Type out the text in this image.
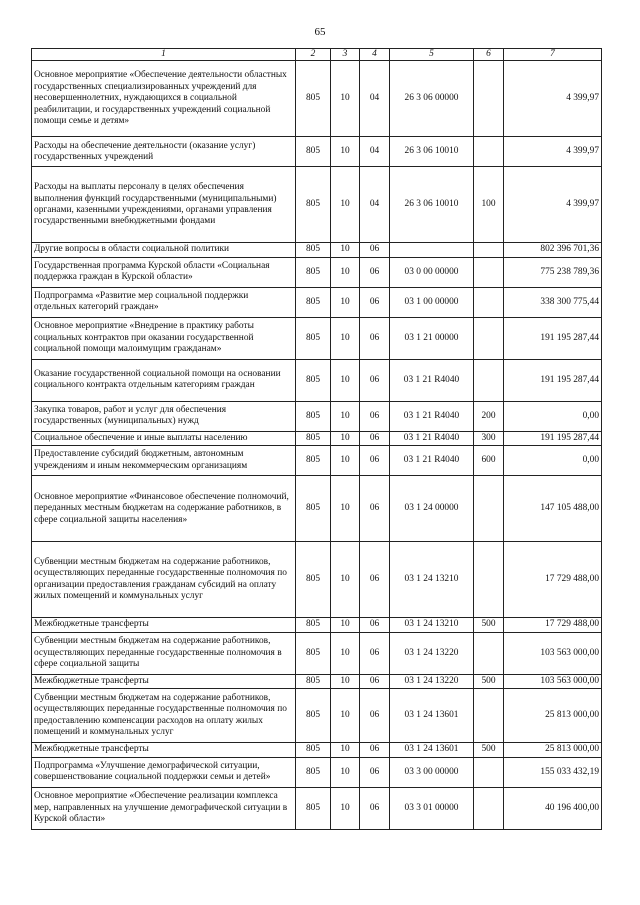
65
1	2	3	4	5	6	7
Основное мероприятие «Обеспечение деятельности областных государственных специализированных учреждений для несовершеннолетних, нуждающихся в социальной реабилитации, и государственных учреждений социальной помощи семье и детям»	805	10	04	26 3 06 00000		4 399,97
Расходы на обеспечение деятельности (оказание услуг) государственных учреждений	805	10	04	26 3 06 10010		4 399,97
Расходы на выплаты персоналу в целях обеспечения выполнения функций государственными (муниципальными) органами, казенными учреждениями, органами управления государственными внебюджетными фондами	805	10	04	26 3 06 10010	100	4 399,97
Другие вопросы в области социальной политики	805	10	06			802 396 701,36
Государственная программа Курской области «Социальная поддержка граждан в Курской области»	805	10	06	03 0 00 00000		775 238 789,36
Подпрограмма «Развитие мер социальной поддержки отдельных категорий граждан»	805	10	06	03 1 00 00000		338 300 775,44
Основное мероприятие «Внедрение в практику работы социальных контрактов при оказании государственной социальной помощи малоимущим гражданам»	805	10	06	03 1 21 00000		191 195 287,44
Оказание государственной социальной помощи на основании социального контракта отдельным категориям граждан	805	10	06	03 1 21 R4040		191 195 287,44
Закупка товаров, работ и услуг для обеспечения государственных (муниципальных) нужд	805	10	06	03 1 21 R4040	200	0,00
Социальное обеспечение и иные выплаты населению	805	10	06	03 1 21 R4040	300	191 195 287,44
Предоставление субсидий бюджетным, автономным учреждениям и иным некоммерческим организациям	805	10	06	03 1 21 R4040	600	0,00
Основное мероприятие «Финансовое обеспечение полномочий, переданных местным бюджетам на содержание работников, в сфере социальной защиты населения»	805	10	06	03 1 24 00000		147 105 488,00
Субвенции местным бюджетам на содержание работников, осуществляющих переданные государственные полномочия по организации предоставления гражданам субсидий на оплату жилых помещений и коммунальных услуг	805	10	06	03 1 24 13210		17 729 488,00
Межбюджетные трансферты	805	10	06	03 1 24 13210	500	17 729 488,00
Субвенции местным бюджетам на содержание работников, осуществляющих переданные государственные полномочия в сфере социальной защиты	805	10	06	03 1 24 13220		103 563 000,00
Межбюджетные трансферты	805	10	06	03 1 24 13220	500	103 563 000,00
Субвенции местным бюджетам на содержание работников, осуществляющих переданные государственные полномочия по предоставлению компенсации расходов на оплату жилых помещений и коммунальных услуг	805	10	06	03 1 24 13601		25 813 000,00
Межбюджетные трансферты	805	10	06	03 1 24 13601	500	25 813 000,00
Подпрограмма «Улучшение демографической ситуации, совершенствование социальной поддержки семьи и детей»	805	10	06	03 3 00 00000		155 033 432,19
Основное мероприятие «Обеспечение реализации комплекса мер, направленных на улучшение демографической ситуации в Курской области»	805	10	06	03 3 01 00000		40 196 400,00
